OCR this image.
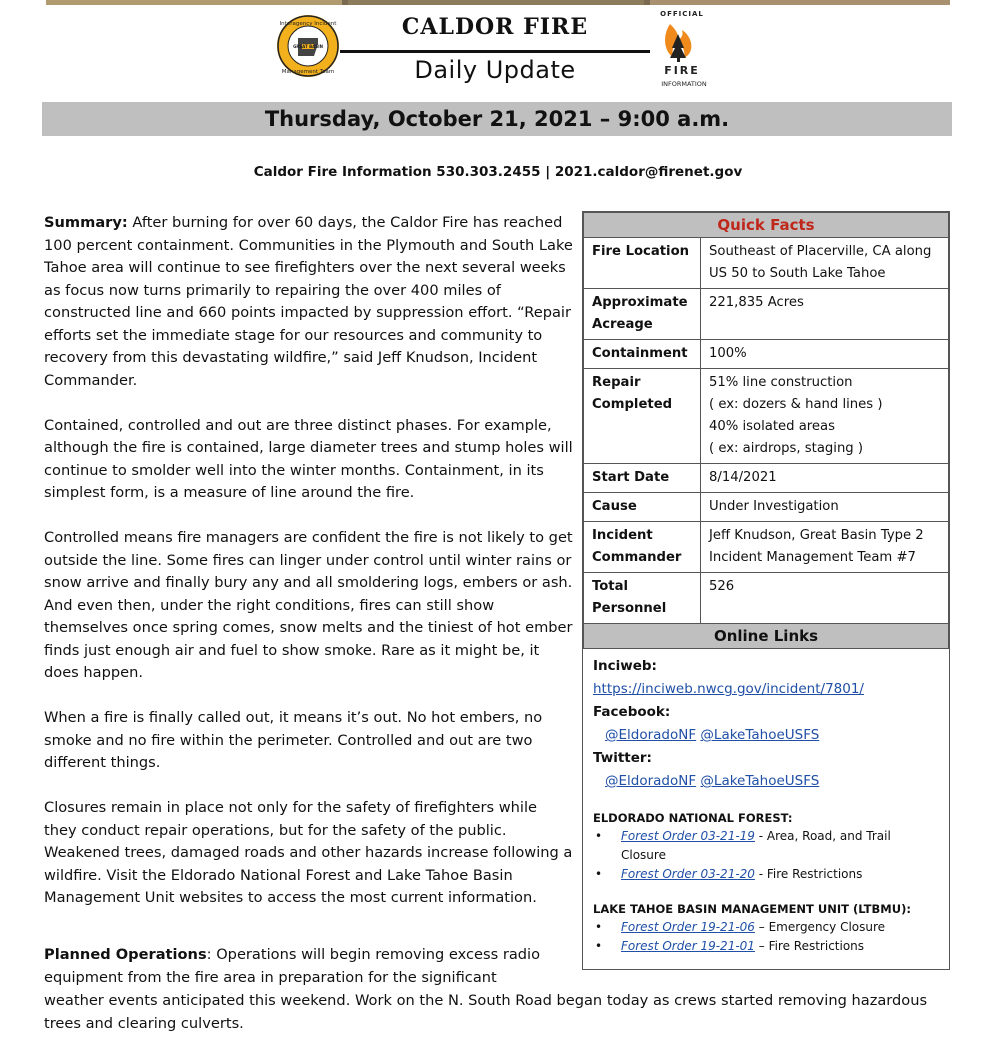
Interagency Incident
Management Team
GREAT BASIN
CALDOR FIRE
Daily Update
OFFICIAL
FIRE
INFORMATION
Thursday, October 21, 2021 – 9:00 a.m.
Caldor Fire Information 530.303.2455 | 2021.caldor@firenet.gov

Summary: After burning for over 60 days, the Caldor Fire has reached 100 percent containment. Communities in the Plymouth and South Lake Tahoe area will continue to see firefighters over the next several weeks as focus now turns primarily to repairing the over 400 miles of constructed line and 660 points impacted by suppression effort. “Repair efforts set the immediate stage for our resources and community to recovery from this devastating wildfire,” said Jeff Knudson, Incident Commander.

Contained, controlled and out are three distinct phases. For example, although the fire is contained, large diameter trees and stump holes will continue to smolder well into the winter months. Containment, in its simplest form, is a measure of line around the fire.

Controlled means fire managers are confident the fire is not likely to get outside the line. Some fires can linger under control until winter rains or snow arrive and finally bury any and all smoldering logs, embers or ash. And even then, under the right conditions, fires can still show themselves once spring comes, snow melts and the tiniest of hot ember finds just enough air and fuel to show smoke. Rare as it might be, it does happen.

When a fire is finally called out, it means it’s out. No hot embers, no smoke and no fire within the perimeter. Controlled and out are two different things.

Closures remain in place not only for the safety of firefighters while they conduct repair operations, but for the safety of the public. Weakened trees, damaged roads and other hazards increase following a wildfire. Visit the Eldorado National Forest and Lake Tahoe Basin Management Unit websites to access the most current information.

Planned Operations: Operations will begin removing excess radio equipment from the fire area in preparation for the significant
weather events anticipated this weekend. Work on the N. South Road began today as crews started removing hazardous trees and clearing culverts.
Quick Facts	
Fire Location	Southeast of Placerville, CA along US 50 to South Lake Tahoe
Approximate Acreage	221,835 Acres
Containment	100%
Repair Completed	51% line construction
( ex: dozers & hand lines )
40% isolated areas
( ex: airdrops, staging )

Start Date	8/14/2021
Cause	Under Investigation
Incident Commander	Jeff Knudson, Great Basin Type 2 Incident Management Team #7
Total Personnel	526
Online Links	
Inciweb:
https://inciweb.nwcg.gov/incident/7801/
Facebook:
@EldoradoNF @LakeTahoeUSFS
Twitter:
@EldoradoNF @LakeTahoeUSFS
ELDORADO NATIONAL FOREST:
• Forest Order 03-21-19 - Area, Road, and Trail Closure
• Forest Order 03-21-20 - Fire Restrictions
LAKE TAHOE BASIN MANAGEMENT UNIT (LTBMU):
• Forest Order 19-21-06 – Emergency Closure
• Forest Order 19-21-01 – Fire Restrictions
